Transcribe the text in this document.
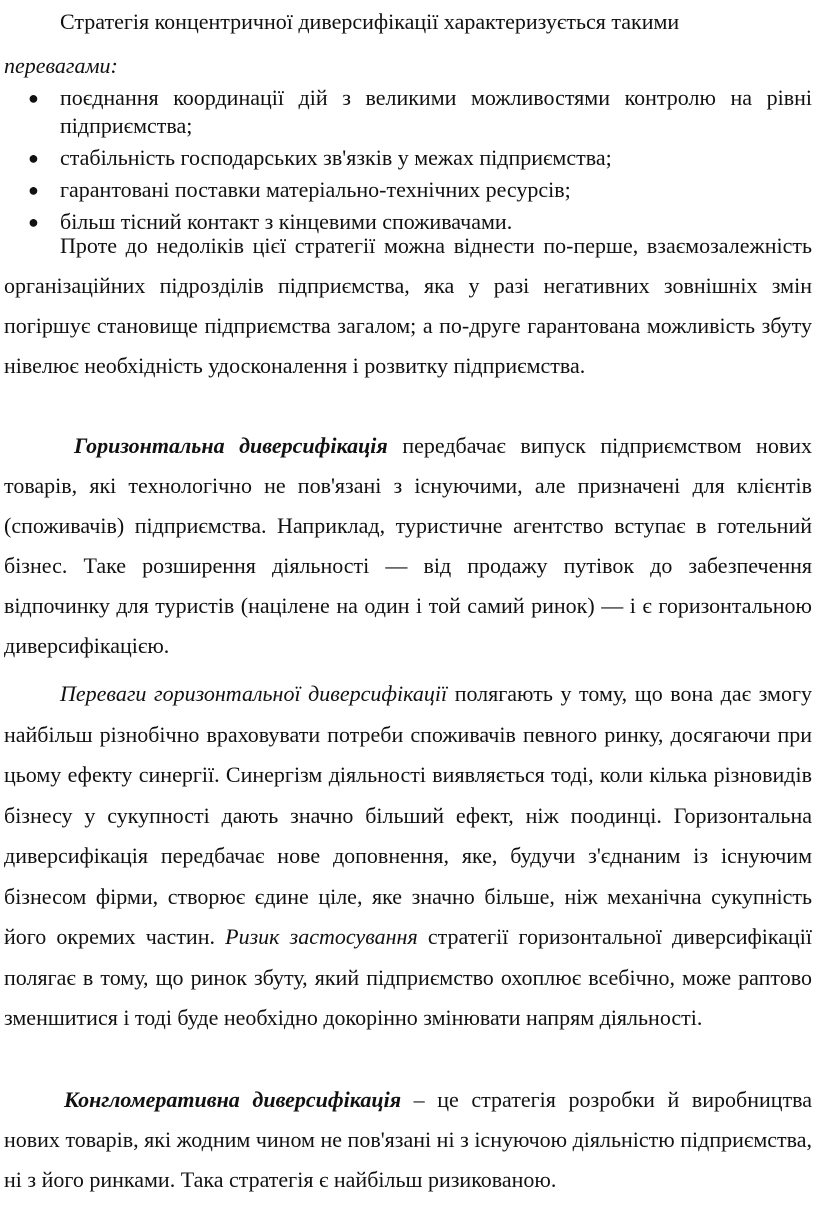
Стратегія концентричної диверсифікації характеризується такими
перевагами:

● поєднання координації дій з великими можливостями контролю на рівні підприємства;
● стабільність господарських зв'язків у межах підприємства;
● гарантовані поставки матеріально-технічних ресурсів;
● більш тісний контакт з кінцевими споживачами.

Проте до недоліків цієї стратегії можна віднести по-перше, взаємозалежність організаційних підрозділів підприємства, яка у разі негативних зовнішніх змін погіршує становище підприємства загалом; а по-друге гарантована можливість збуту нівелює необхідність удосконалення і розвитку підприємства.

Горизонтальна диверсифікація передбачає випуск підприємством нових товарів, які технологічно не пов'язані з існуючими, але призначені для клієнтів (споживачів) підприємства. Наприклад, туристичне агентство вступає в готельний бізнес. Таке розширення діяльності — від продажу путівок до забезпечення відпочинку для туристів (націлене на один і той самий ринок) — і є горизонтальною диверсифікацією.

Переваги горизонтальної диверсифікації полягають у тому, що вона дає змогу найбільш різнобічно враховувати потреби споживачів певного ринку, досягаючи при цьому ефекту синергії. Синергізм діяльності виявляється тоді, коли кілька різновидів бізнесу у сукупності дають значно більший ефект, ніж поодинці. Горизонтальна диверсифікація передбачає нове доповнення, яке, будучи з'єднаним із існуючим бізнесом фірми, створює єдине ціле, яке значно більше, ніж механічна сукупність його окремих частин. Ризик застосування стратегії горизонтальної диверсифікації полягає в тому, що ринок збуту, який підприємство охоплює всебічно, може раптово зменшитися і тоді буде необхідно докорінно змінювати напрям діяльності.

Конгломеративна диверсифікація – це стратегія розробки й виробництва нових товарів, які жодним чином не пов'язані ні з існуючою діяльністю підприємства, ні з його ринками. Така стратегія є найбільш ризикованою.
